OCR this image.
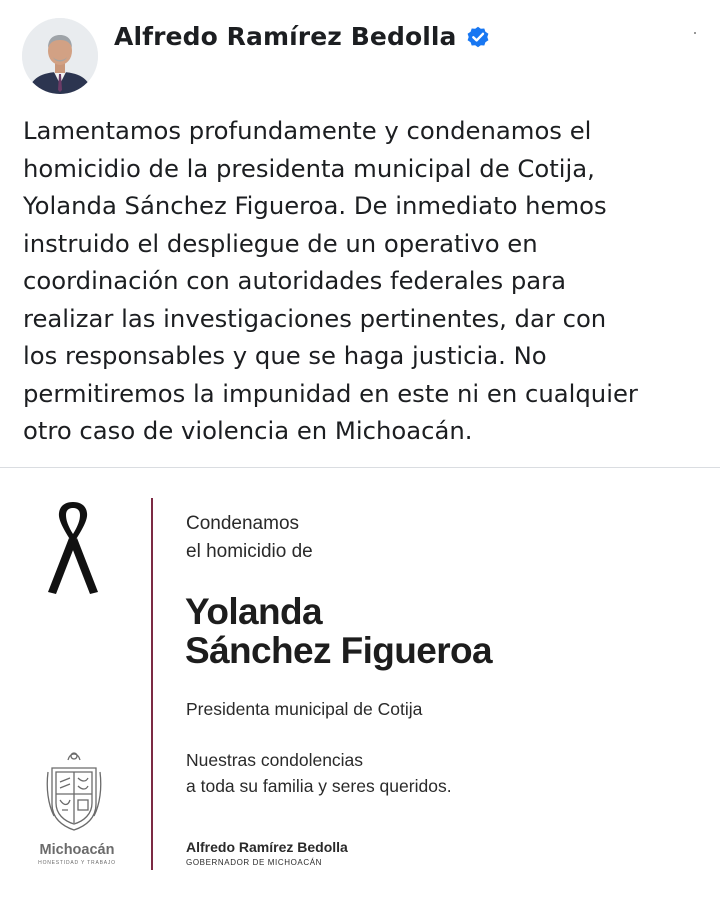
Alfredo Ramírez Bedolla
Lamentamos profundamente y condenamos el
homicidio de la presidenta municipal de Cotija,
Yolanda Sánchez Figueroa. De inmediato hemos
instruido el despliegue de un operativo en
coordinación con autoridades federales para
realizar las investigaciones pertinentes, dar con
los responsables y que se haga justicia. No
permitiremos la impunidad en este ni en cualquier
otro caso de violencia en Michoacán.
Michoacán
HONESTIDAD Y TRABAJO
Condenamos
el homicidio de
Yolanda
Sánchez Figueroa
Presidenta municipal de Cotija
Nuestras condolencias
a toda su familia y seres queridos.
Alfredo Ramírez Bedolla
GOBERNADOR DE MICHOACÁN
